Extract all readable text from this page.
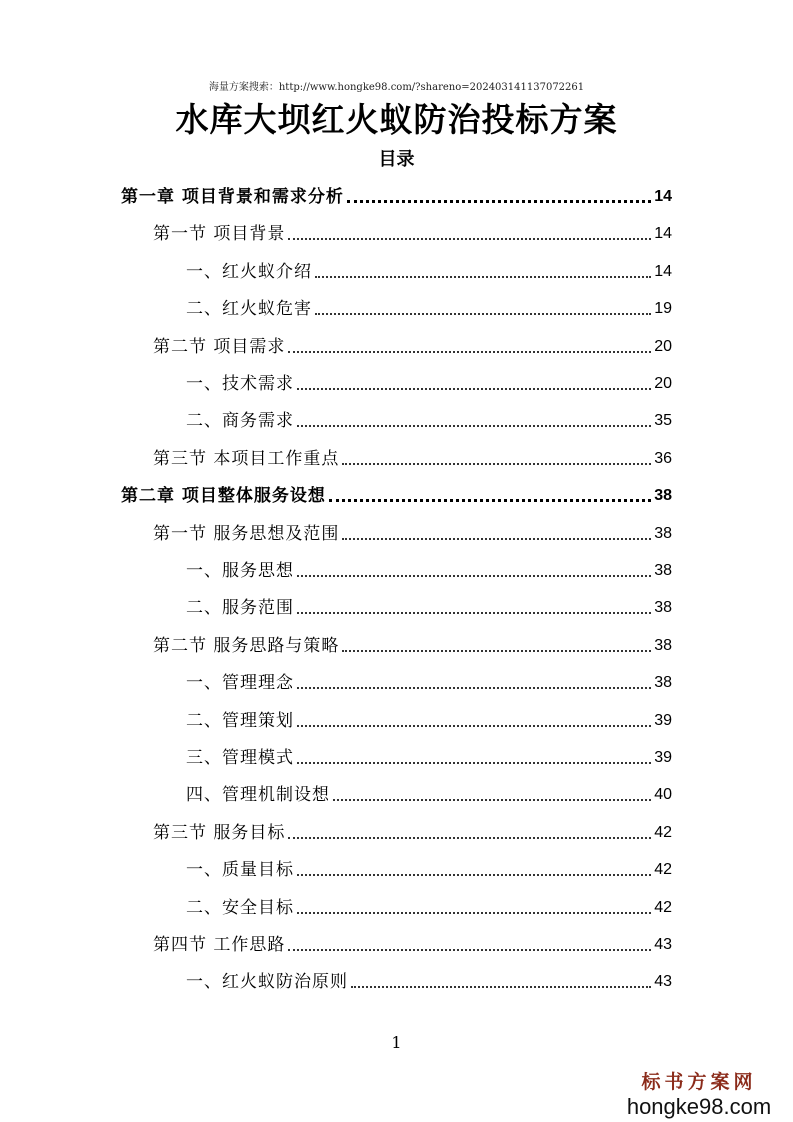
海量方案搜索：http://www.hongke98.com/?shareno=202403141137072261
水库大坝红火蚁防治投标方案
目录
第一章 项目背景和需求分析	14
第一节 项目背景	14
一、红火蚁介绍	14
二、红火蚁危害	19
第二节 项目需求	20
一、技术需求	20
二、商务需求	35
第三节 本项目工作重点	36
第二章 项目整体服务设想	38
第一节 服务思想及范围	38
一、服务思想	38
二、服务范围	38
第二节 服务思路与策略	38
一、管理理念	38
二、管理策划	39
三、管理模式	39
四、管理机制设想	40
第三节 服务目标	42
一、质量目标	42
二、安全目标	42
第四节 工作思路	43
一、红火蚁防治原则	43
1
标书方案网
hongke98.com
